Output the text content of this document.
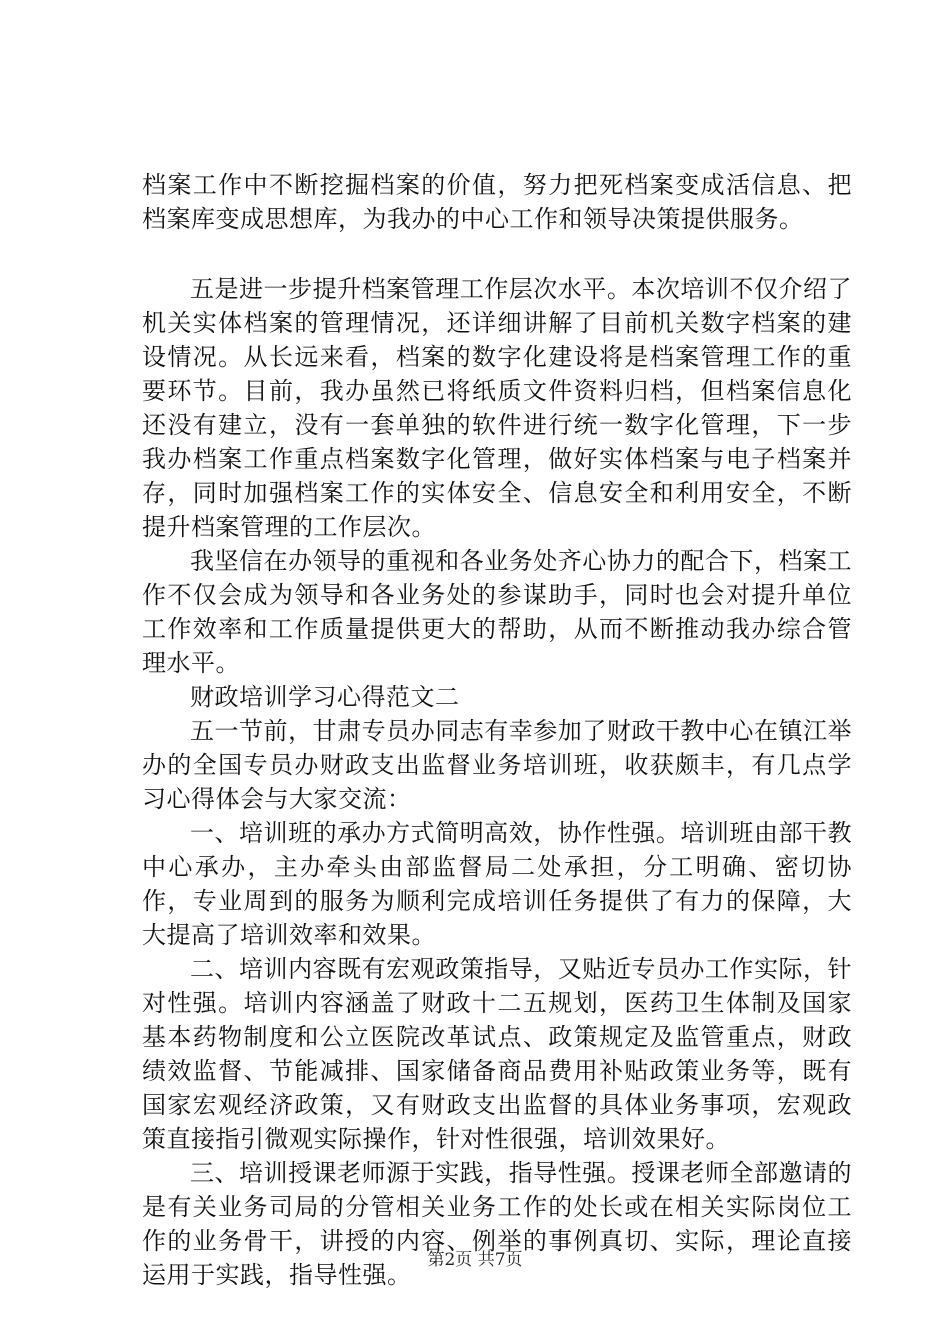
档案工作中不断挖掘档案的价值，努力把死档案变成活信息、把档案库变成思想库，为我办的中心工作和领导决策提供服务。

五是进一步提升档案管理工作层次水平。本次培训不仅介绍了机关实体档案的管理情况，还详细讲解了目前机关数字档案的建设情况。从长远来看，档案的数字化建设将是档案管理工作的重要环节。目前，我办虽然已将纸质文件资料归档，但档案信息化还没有建立，没有一套单独的软件进行统一数字化管理，下一步我办档案工作重点档案数字化管理，做好实体档案与电子档案并存，同时加强档案工作的实体安全、信息安全和利用安全，不断提升档案管理的工作层次。

我坚信在办领导的重视和各业务处齐心协力的配合下，档案工作不仅会成为领导和各业务处的参谋助手，同时也会对提升单位工作效率和工作质量提供更大的帮助，从而不断推动我办综合管理水平。

财政培训学习心得范文二

五一节前，甘肃专员办同志有幸参加了财政干教中心在镇江举办的全国专员办财政支出监督业务培训班，收获颇丰，有几点学习心得体会与大家交流：

一、培训班的承办方式简明高效，协作性强。培训班由部干教中心承办，主办牵头由部监督局二处承担，分工明确、密切协作，专业周到的服务为顺利完成培训任务提供了有力的保障，大大提高了培训效率和效果。

二、培训内容既有宏观政策指导，又贴近专员办工作实际，针对性强。培训内容涵盖了财政十二五规划，医药卫生体制及国家基本药物制度和公立医院改革试点、政策规定及监管重点，财政绩效监督、节能减排、国家储备商品费用补贴政策业务等，既有国家宏观经济政策，又有财政支出监督的具体业务事项，宏观政策直接指引微观实际操作，针对性很强，培训效果好。

三、培训授课老师源于实践，指导性强。授课老师全部邀请的是有关业务司局的分管相关业务工作的处长或在相关实际岗位工作的业务骨干，讲授的内容、例举的事例真切、实际，理论直接运用于实践，指导性强。

第2页 共7页
